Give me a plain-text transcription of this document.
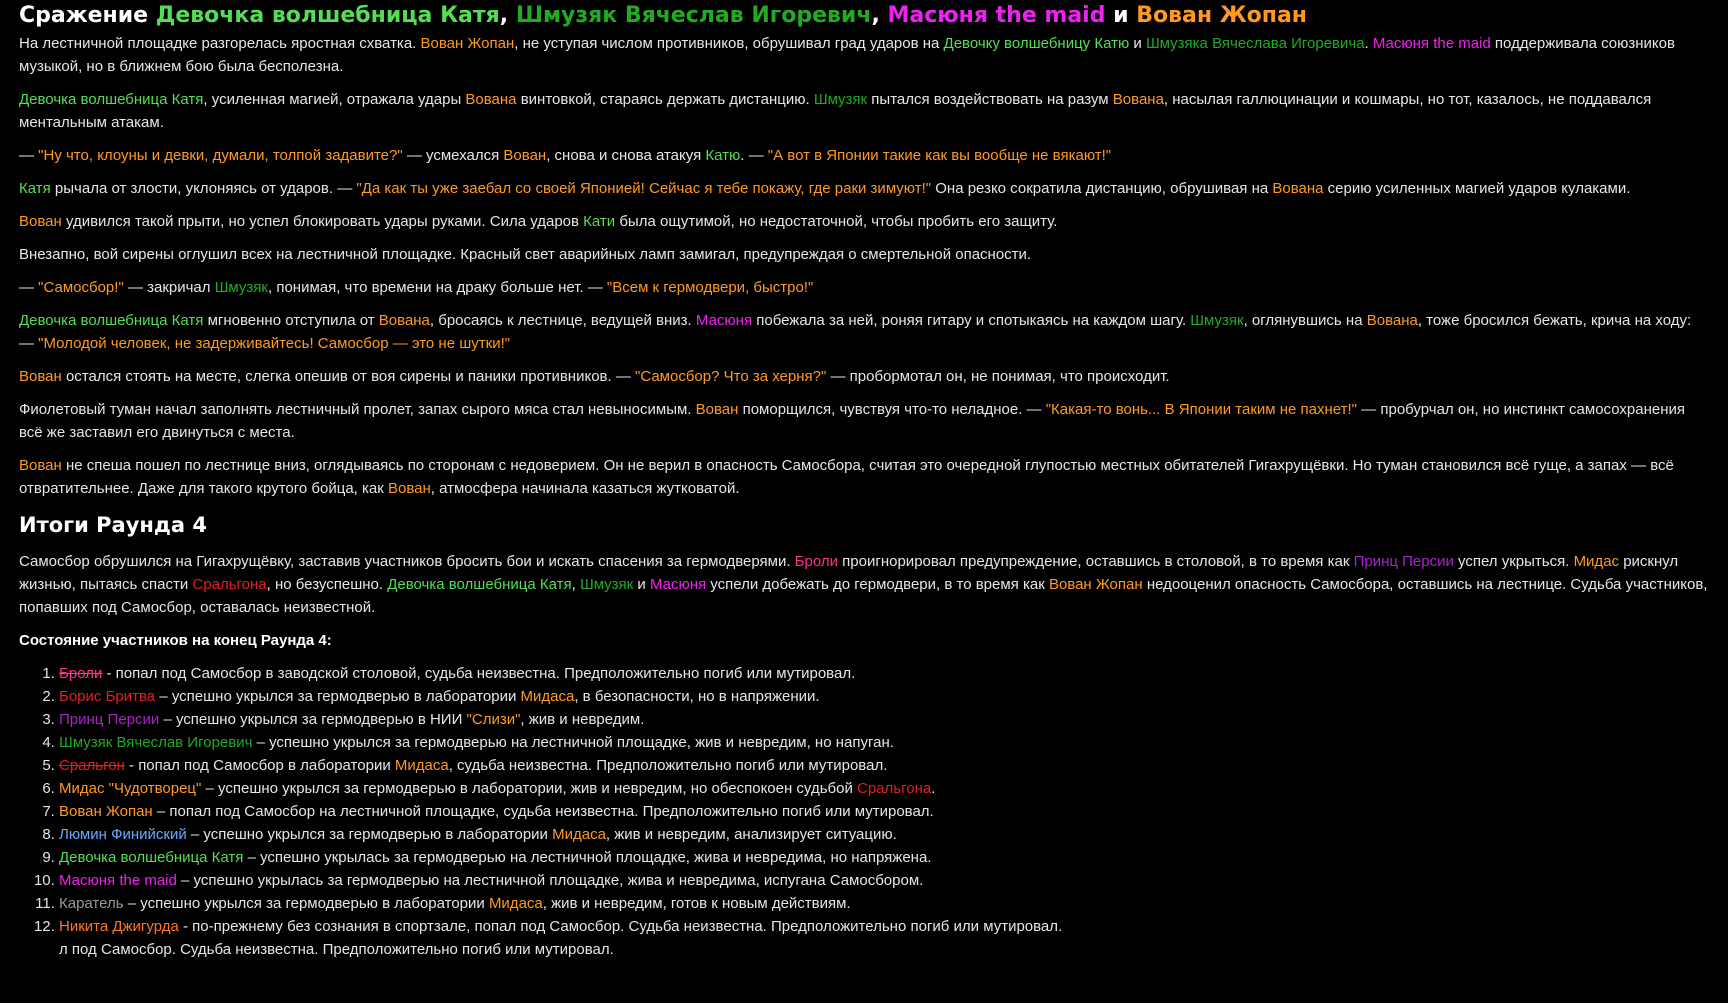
Сражение Девочка волшебница Катя, Шмузяк Вячеслав Игоревич, Масюня the maid и Вован Жопан

На лестничной площадке разгорелась яростная схватка. Вован Жопан, не уступая числом противников, обрушивал град ударов на Девочку волшебницу Катю и Шмузяка Вячеслава Игоревича. Масюня the maid поддерживала союзников музыкой, но в ближнем бою была бесполезна.

Девочка волшебница Катя, усиленная магией, отражала удары Вована винтовкой, стараясь держать дистанцию. Шмузяк пытался воздействовать на разум Вована, насылая галлюцинации и кошмары, но тот, казалось, не поддавался ментальным атакам.

— "Ну что, клоуны и девки, думали, толпой задавите?" — усмехался Вован, снова и снова атакуя Катю. — "А вот в Японии такие как вы вообще не вякают!"

Катя рычала от злости, уклоняясь от ударов. — "Да как ты уже заебал со своей Японией! Сейчас я тебе покажу, где раки зимуют!" Она резко сократила дистанцию, обрушивая на Вована серию усиленных магией ударов кулаками.

Вован удивился такой прыти, но успел блокировать удары руками. Сила ударов Кати была ощутимой, но недостаточной, чтобы пробить его защиту.

Внезапно, вой сирены оглушил всех на лестничной площадке. Красный свет аварийных ламп замигал, предупреждая о смертельной опасности.

— "Самосбор!" — закричал Шмузяк, понимая, что времени на драку больше нет. — "Всем к гермодвери, быстро!"

Девочка волшебница Катя мгновенно отступила от Вована, бросаясь к лестнице, ведущей вниз. Масюня побежала за ней, роняя гитару и спотыкаясь на каждом шагу. Шмузяк, оглянувшись на Вована, тоже бросился бежать, крича на ходу: — "Молодой человек, не задерживайтесь! Самосбор — это не шутки!"

Вован остался стоять на месте, слегка опешив от воя сирены и паники противников. — "Самосбор? Что за херня?" — пробормотал он, не понимая, что происходит.

Фиолетовый туман начал заполнять лестничный пролет, запах сырого мяса стал невыносимым. Вован поморщился, чувствуя что-то неладное. — "Какая-то вонь... В Японии таким не пахнет!" — пробурчал он, но инстинкт самосохранения всё же заставил его двинуться с места.

Вован не спеша пошел по лестнице вниз, оглядываясь по сторонам с недоверием. Он не верил в опасность Самосбора, считая это очередной глупостью местных обитателей Гигахрущёвки. Но туман становился всё гуще, а запах — всё отвратительнее. Даже для такого крутого бойца, как Вован, атмосфера начинала казаться жутковатой.

Итоги Раунда 4

Самосбор обрушился на Гигахрущёвку, заставив участников бросить бои и искать спасения за гермодверями. Броли проигнорировал предупреждение, оставшись в столовой, в то время как Принц Персии успел укрыться. Мидас рискнул жизнью, пытаясь спасти Сральгона, но безуспешно. Девочка волшебница Катя, Шмузяк и Масюня успели добежать до гермодвери, в то время как Вован Жопан недооценил опасность Самосбора, оставшись на лестнице. Судьба участников, попавших под Самосбор, оставалась неизвестной.

Состояние участников на конец Раунда 4:
1. Броли - попал под Самосбор в заводской столовой, судьба неизвестна. Предположительно погиб или мутировал.
2. Борис Бритва – успешно укрылся за гермодверью в лаборатории Мидаса, в безопасности, но в напряжении.
3. Принц Персии – успешно укрылся за гермодверью в НИИ "Слизи", жив и невредим.
4. Шмузяк Вячеслав Игоревич – успешно укрылся за гермодверью на лестничной площадке, жив и невредим, но напуган.
5. Сральгон - попал под Самосбор в лаборатории Мидаса, судьба неизвестна. Предположительно погиб или мутировал.
6. Мидас "Чудотворец" – успешно укрылся за гермодверью в лаборатории, жив и невредим, но обеспокоен судьбой Сральгона.
7. Вован Жопан – попал под Самосбор на лестничной площадке, судьба неизвестна. Предположительно погиб или мутировал.
8. Люмин Финийский – успешно укрылся за гермодверью в лаборатории Мидаса, жив и невредим, анализирует ситуацию.
9. Девочка волшебница Катя – успешно укрылась за гермодверью на лестничной площадке, жива и невредима, но напряжена.
10. Масюня the maid – успешно укрылась за гермодверью на лестничной площадке, жива и невредима, испугана Самосбором.
11. Каратель – успешно укрылся за гермодверью в лаборатории Мидаса, жив и невредим, готов к новым действиям.
12. Никита Джигурда - по-прежнему без сознания в спортзале, попал под Самосбор. Судьба неизвестна. Предположительно погиб или мутировал.
л под Самосбор. Судьба неизвестна. Предположительно погиб или мутировал.
